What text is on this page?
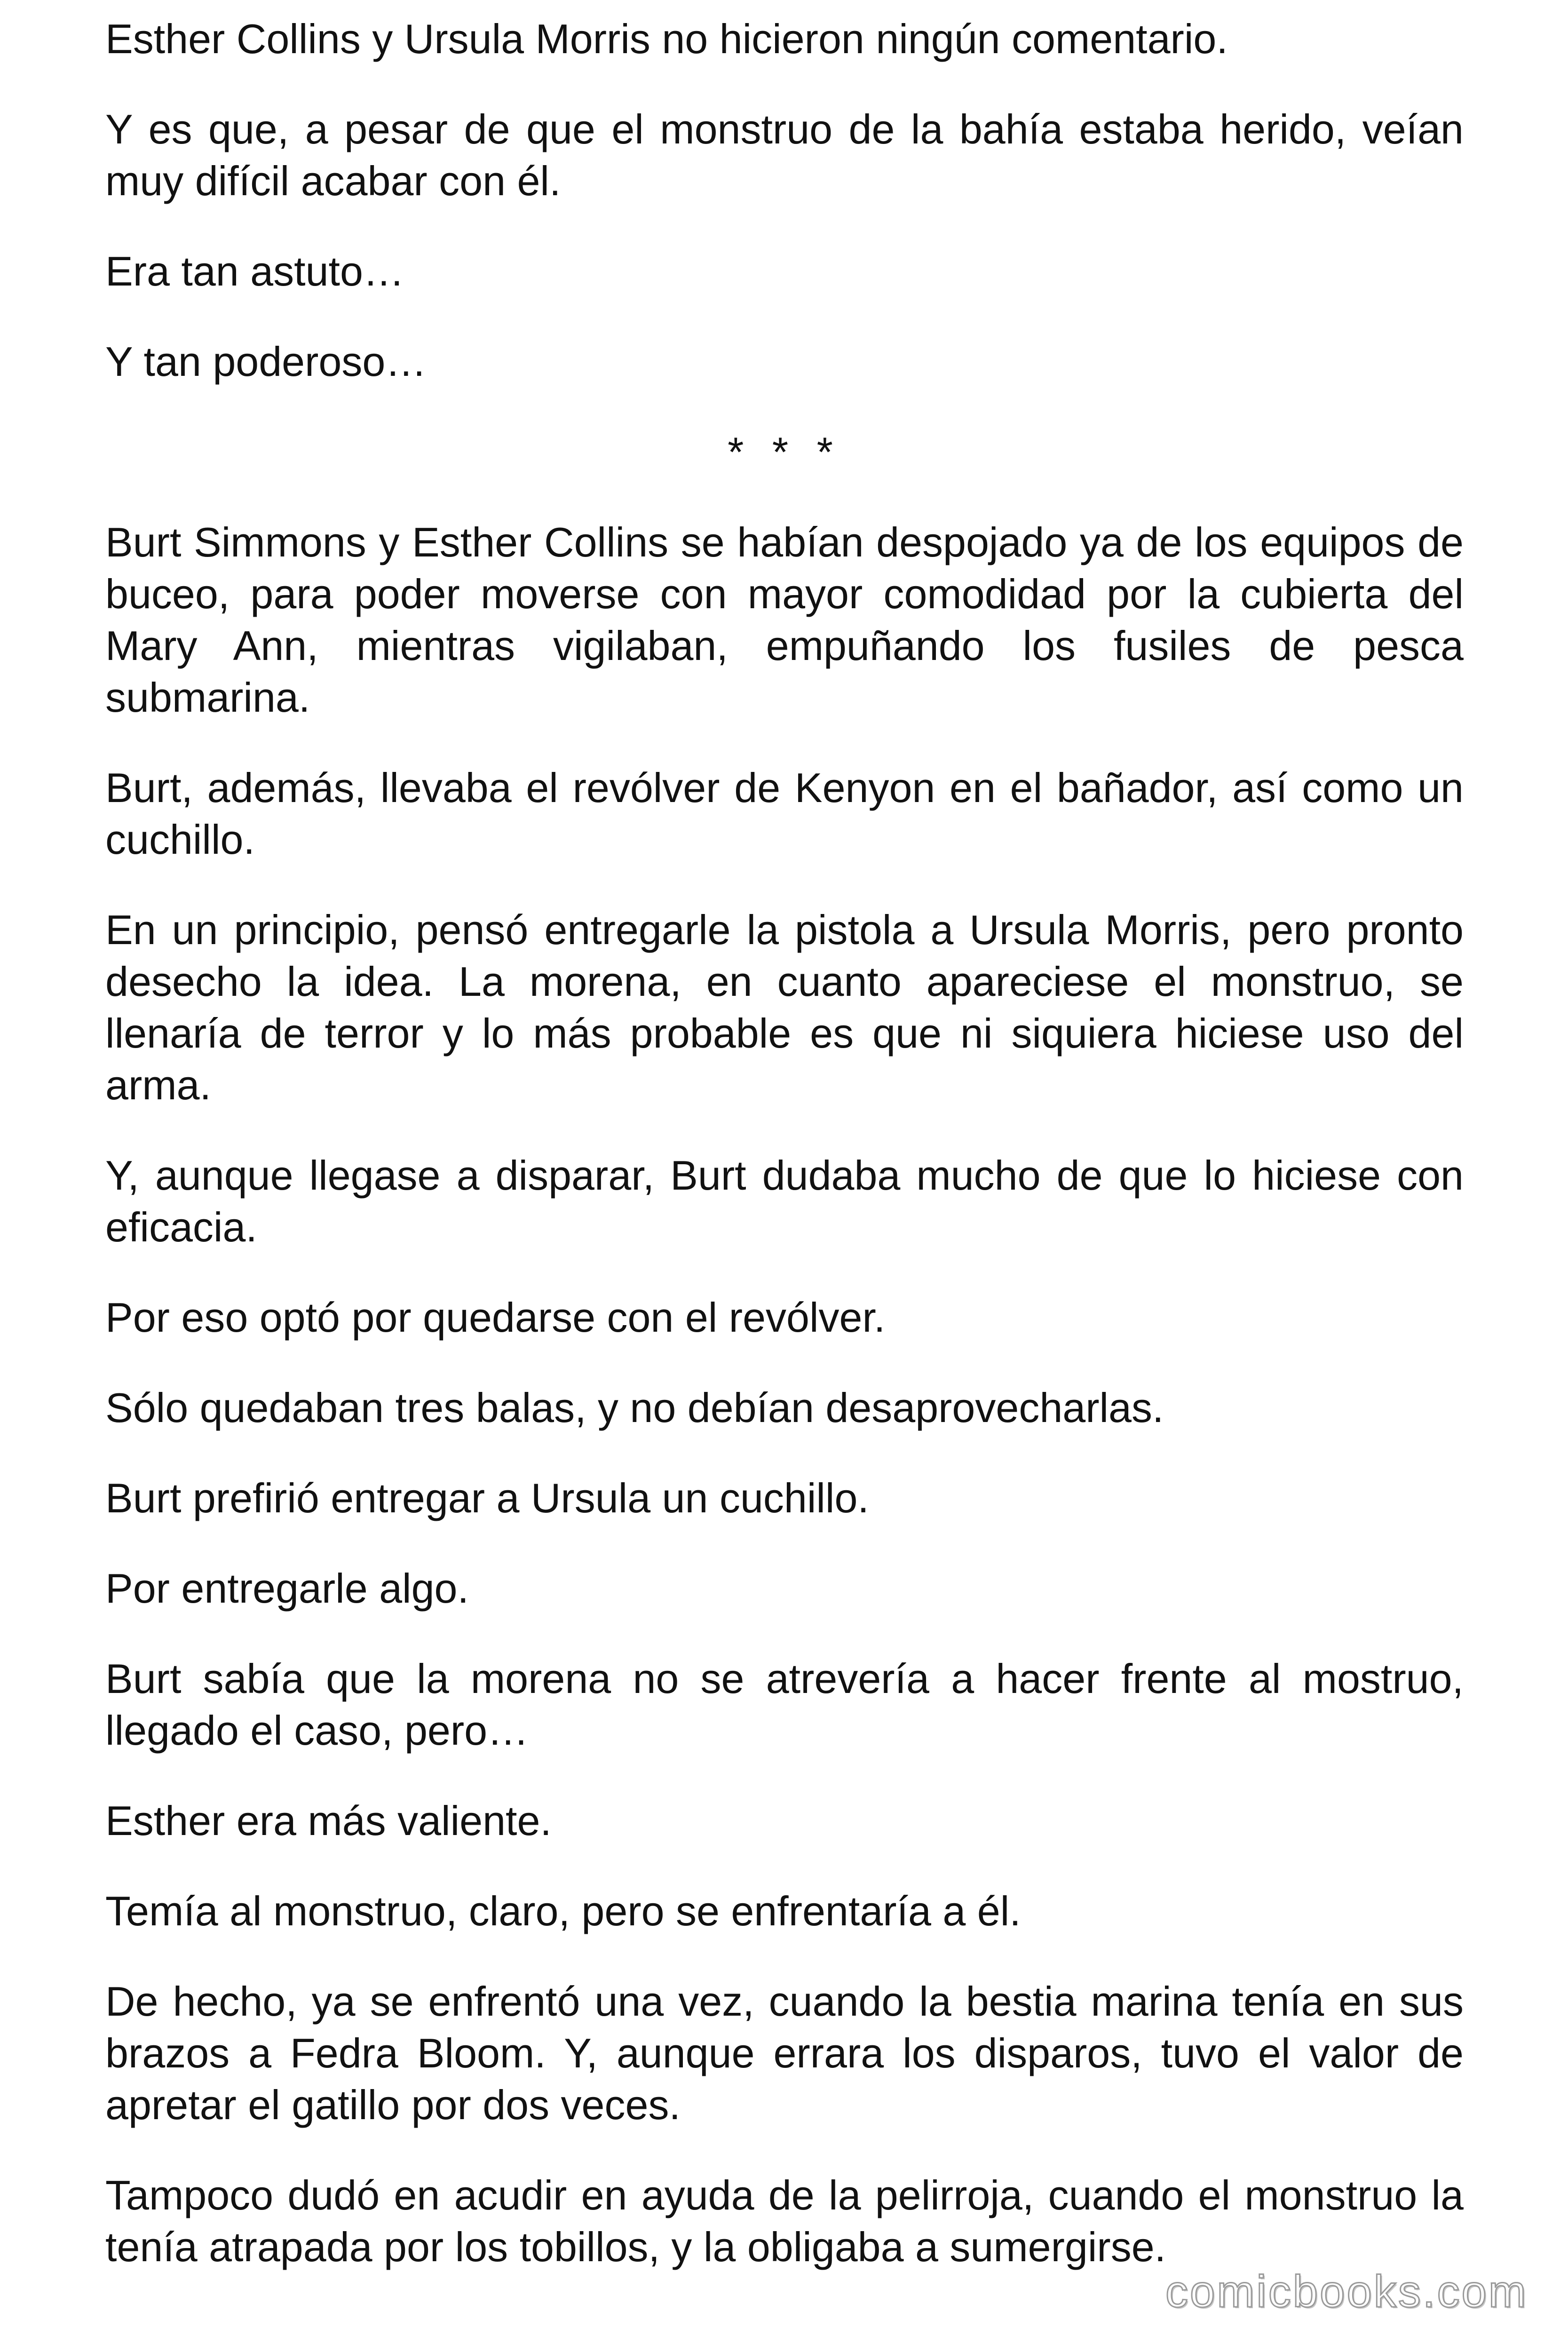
Esther Collins y Ursula Morris no hicieron ningún comentario.

Y es que, a pesar de que el monstruo de la bahía estaba herido, veían muy difícil acabar con él.

Era tan astuto…

Y tan poderoso…

* * *

Burt Simmons y Esther Collins se habían despojado ya de los equipos de buceo, para poder moverse con mayor comodidad por la cubierta del Mary Ann, mientras vigilaban, empuñando los fusiles de pesca submarina.

Burt, además, llevaba el revólver de Kenyon en el bañador, así como un cuchillo.

En un principio, pensó entregarle la pistola a Ursula Morris, pero pronto desecho la idea. La morena, en cuanto apareciese el monstruo, se llenaría de terror y lo más probable es que ni siquiera hiciese uso del arma.

Y, aunque llegase a disparar, Burt dudaba mucho de que lo hiciese con eficacia.

Por eso optó por quedarse con el revólver.

Sólo quedaban tres balas, y no debían desaprovecharlas.

Burt prefirió entregar a Ursula un cuchillo.

Por entregarle algo.

Burt sabía que la morena no se atrevería a hacer frente al mostruo, llegado el caso, pero…

Esther era más valiente.

Temía al monstruo, claro, pero se enfrentaría a él.

De hecho, ya se enfrentó una vez, cuando la bestia marina tenía en sus brazos a Fedra Bloom. Y, aunque errara los disparos, tuvo el valor de apretar el gatillo por dos veces.

Tampoco dudó en acudir en ayuda de la pelirroja, cuando el monstruo la tenía atrapada por los tobillos, y la obligaba a sumergirse.

comicbooks.com
